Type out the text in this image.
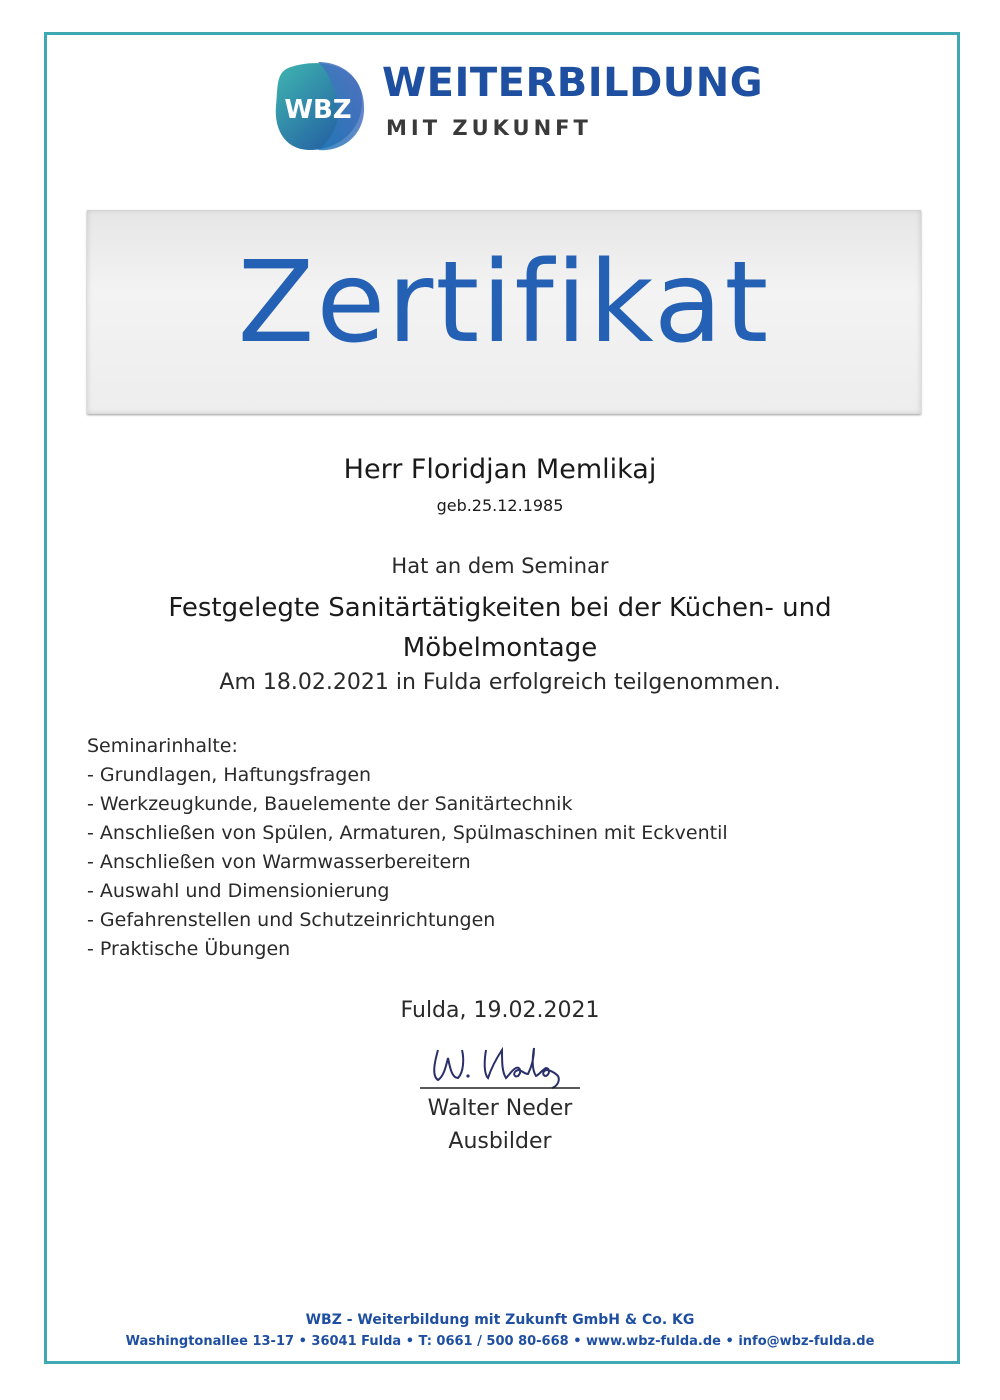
WBZ
WEITERBILDUNG
MIT ZUKUNFT
Zertifikat
Herr Floridjan Memlikaj
geb.25.12.1985
Hat an dem Seminar
Festgelegte Sanitärtätigkeiten bei der Küchen- und
Möbelmontage
Am 18.02.2021 in Fulda erfolgreich teilgenommen.
Seminarinhalte:
- Grundlagen, Haftungsfragen
- Werkzeugkunde, Bauelemente der Sanitärtechnik
- Anschließen von Spülen, Armaturen, Spülmaschinen mit Eckventil
- Anschließen von Warmwasserbereitern
- Auswahl und Dimensionierung
- Gefahrenstellen und Schutzeinrichtungen
- Praktische Übungen
Fulda, 19.02.2021
Walter Neder
Ausbilder
WBZ - Weiterbildung mit Zukunft GmbH & Co. KG
Washingtonallee 13-17 • 36041 Fulda • T: 0661 / 500 80-668 • www.wbz-fulda.de • info@wbz-fulda.de
